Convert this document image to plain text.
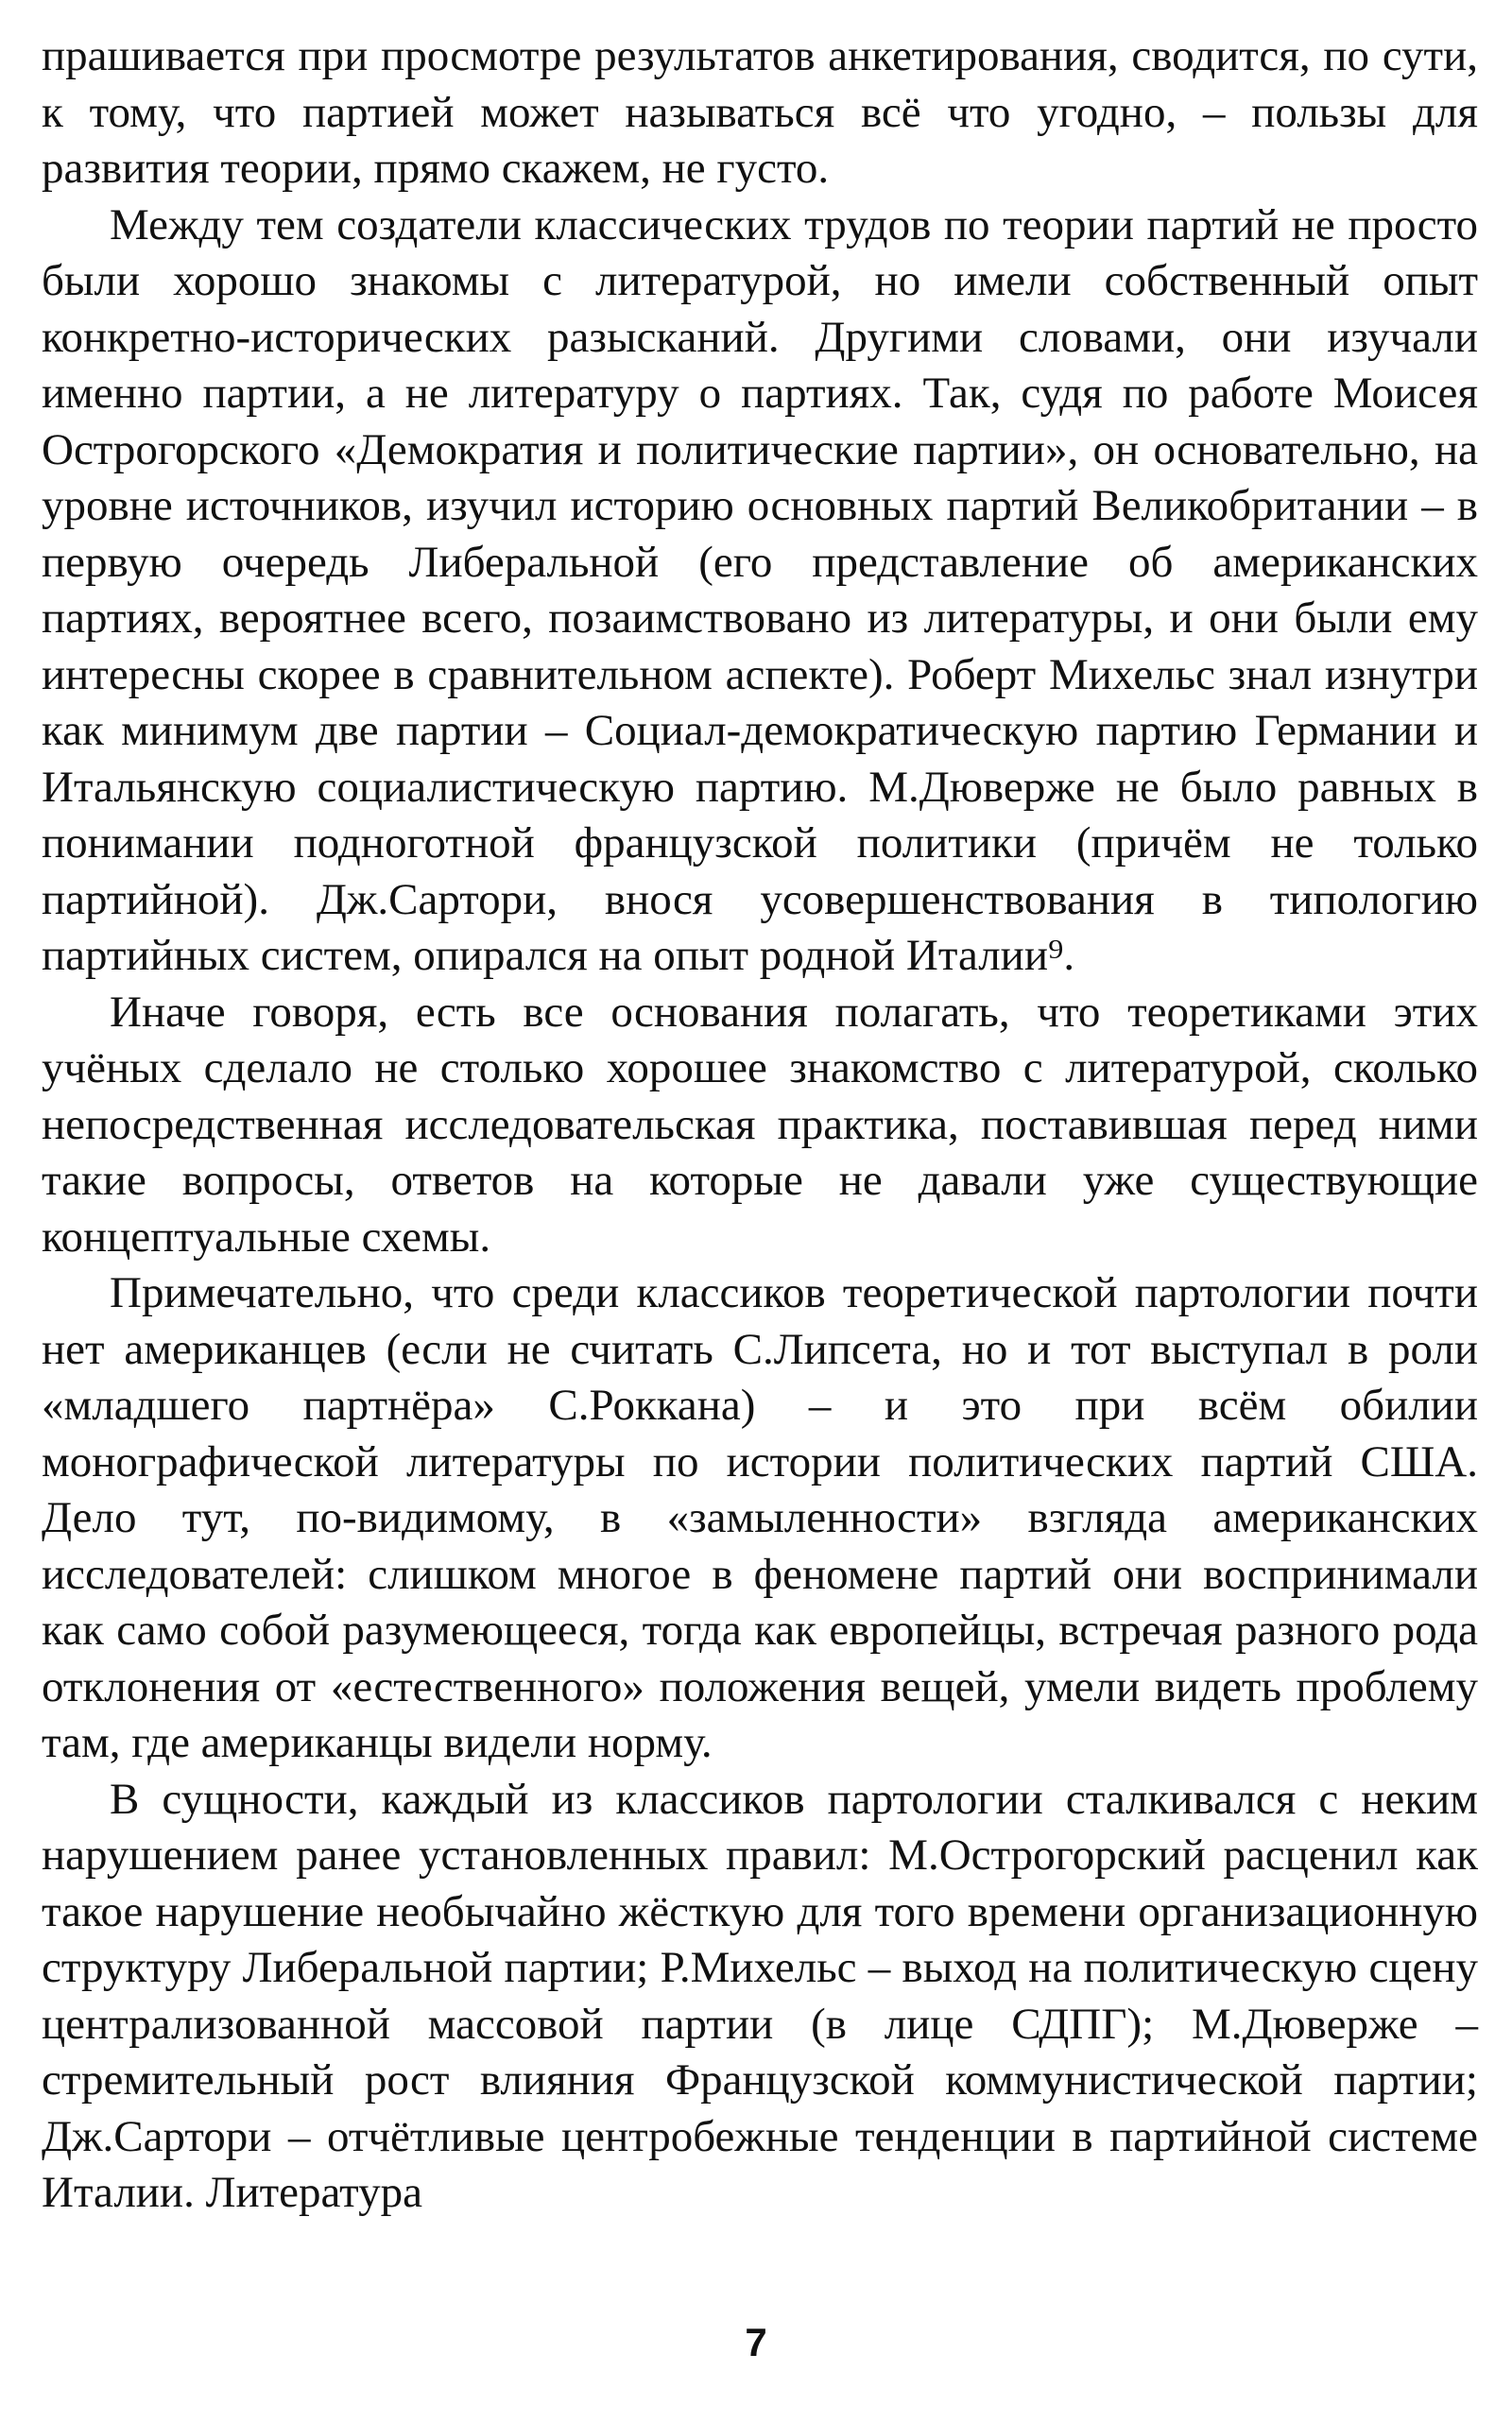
прашивается при просмотре результатов анкетирования, сводится, по сути, к тому, что партией может называться всё что угодно, – пользы для развития теории, прямо скажем, не густо.

Между тем создатели классических трудов по теории партий не просто были хорошо знакомы с литературой, но имели собственный опыт конкретно-исторических разысканий. Другими словами, они изучали именно партии, а не литературу о партиях. Так, судя по работе Моисея Острогорского «Демократия и политические партии», он основательно, на уровне источников, изучил историю основных партий Великобритании – в первую очередь Либеральной (его представление об американских партиях, вероятнее всего, позаимствовано из литературы, и они были ему интересны скорее в сравнительном аспекте). Роберт Михельс знал изнутри как минимум две партии – Социал-демократическую партию Германии и Итальянскую социалистическую партию. М.Дюверже не было равных в понимании подноготной французской политики (причём не только партийной). Дж.Сартори, внося усовершенствования в типологию партийных систем, опирался на опыт родной Италии⁹.

Иначе говоря, есть все основания полагать, что теоретиками этих учёных сделало не столько хорошее знакомство с литературой, сколько непосредственная исследовательская практика, поставившая перед ними такие вопросы, ответов на которые не давали уже существующие концептуальные схемы.

Примечательно, что среди классиков теоретической партологии почти нет американцев (если не считать С.Липсета, но и тот выступал в роли «младшего партнёра» С.Роккана) – и это при всём обилии монографической литературы по истории политических партий США. Дело тут, по-видимому, в «замыленности» взгляда американских исследователей: слишком многое в феномене партий они воспринимали как само собой разумеющееся, тогда как европейцы, встречая разного рода отклонения от «естественного» положения вещей, умели видеть проблему там, где американцы видели норму.

В сущности, каждый из классиков партологии сталкивался с неким нарушением ранее установленных правил: М.Острогорский расценил как такое нарушение необычайно жёсткую для того времени организационную структуру Либеральной партии; Р.Михельс – выход на политическую сцену централизованной массовой партии (в лице СДПГ); М.Дюверже – стремительный рост влияния Французской коммунистической партии; Дж.Сартори – отчётливые центробежные тенденции в партийной системе Италии. Литература

7
